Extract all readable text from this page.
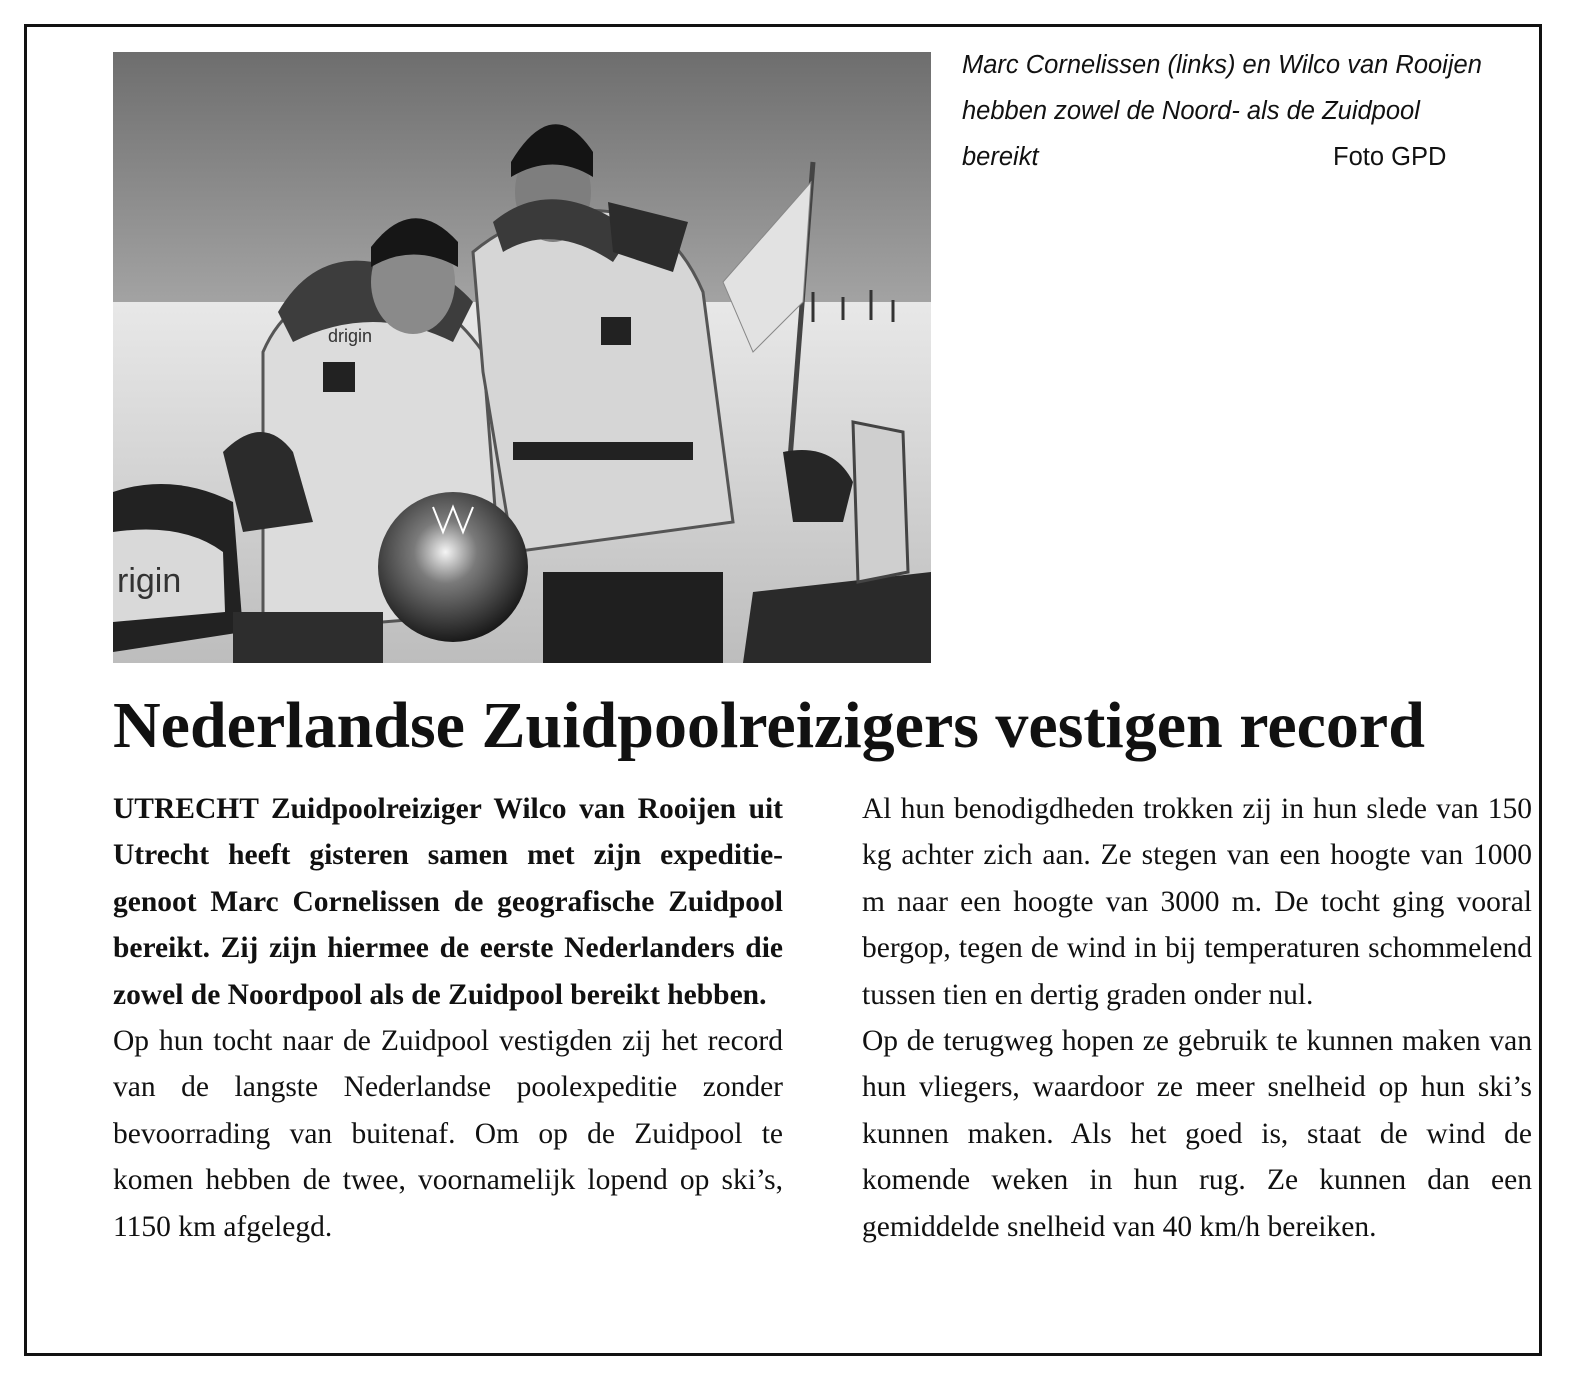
rigin
drigin
Marc Cornelissen (links) en Wilco van Rooijen hebben zowel de Noord- als de Zuidpool bereikt	Foto GPD
Nederlandse Zuidpoolreizigers vestigen record

UTRECHT Zuidpoolreiziger Wilco van Rooijen uit Utrecht heeft gisteren samen met zijn expeditie-genoot Marc Cornelissen de geografische Zuidpool bereikt. Zij zijn hiermee de eerste Nederlanders die zowel de Noordpool als de Zuidpool bereikt hebben.

Op hun tocht naar de Zuidpool vestigden zij het record van de langste Nederlandse poolexpeditie zonder bevoorrading van buitenaf. Om op de Zuidpool te komen hebben de twee, voornamelijk lopend op ski’s, 1150 km afgelegd.

Al hun benodigdheden trokken zij in hun slede van 150 kg achter zich aan. Ze stegen van een hoogte van 1000 m naar een hoogte van 3000 m. De tocht ging vooral bergop, tegen de wind in bij temperaturen schommelend tussen tien en dertig graden onder nul.

Op de terugweg hopen ze gebruik te kunnen maken van hun vliegers, waardoor ze meer snelheid op hun ski’s kunnen maken. Als het goed is, staat de wind de komende weken in hun rug. Ze kunnen dan een gemiddelde snelheid van 40 km/h bereiken.
